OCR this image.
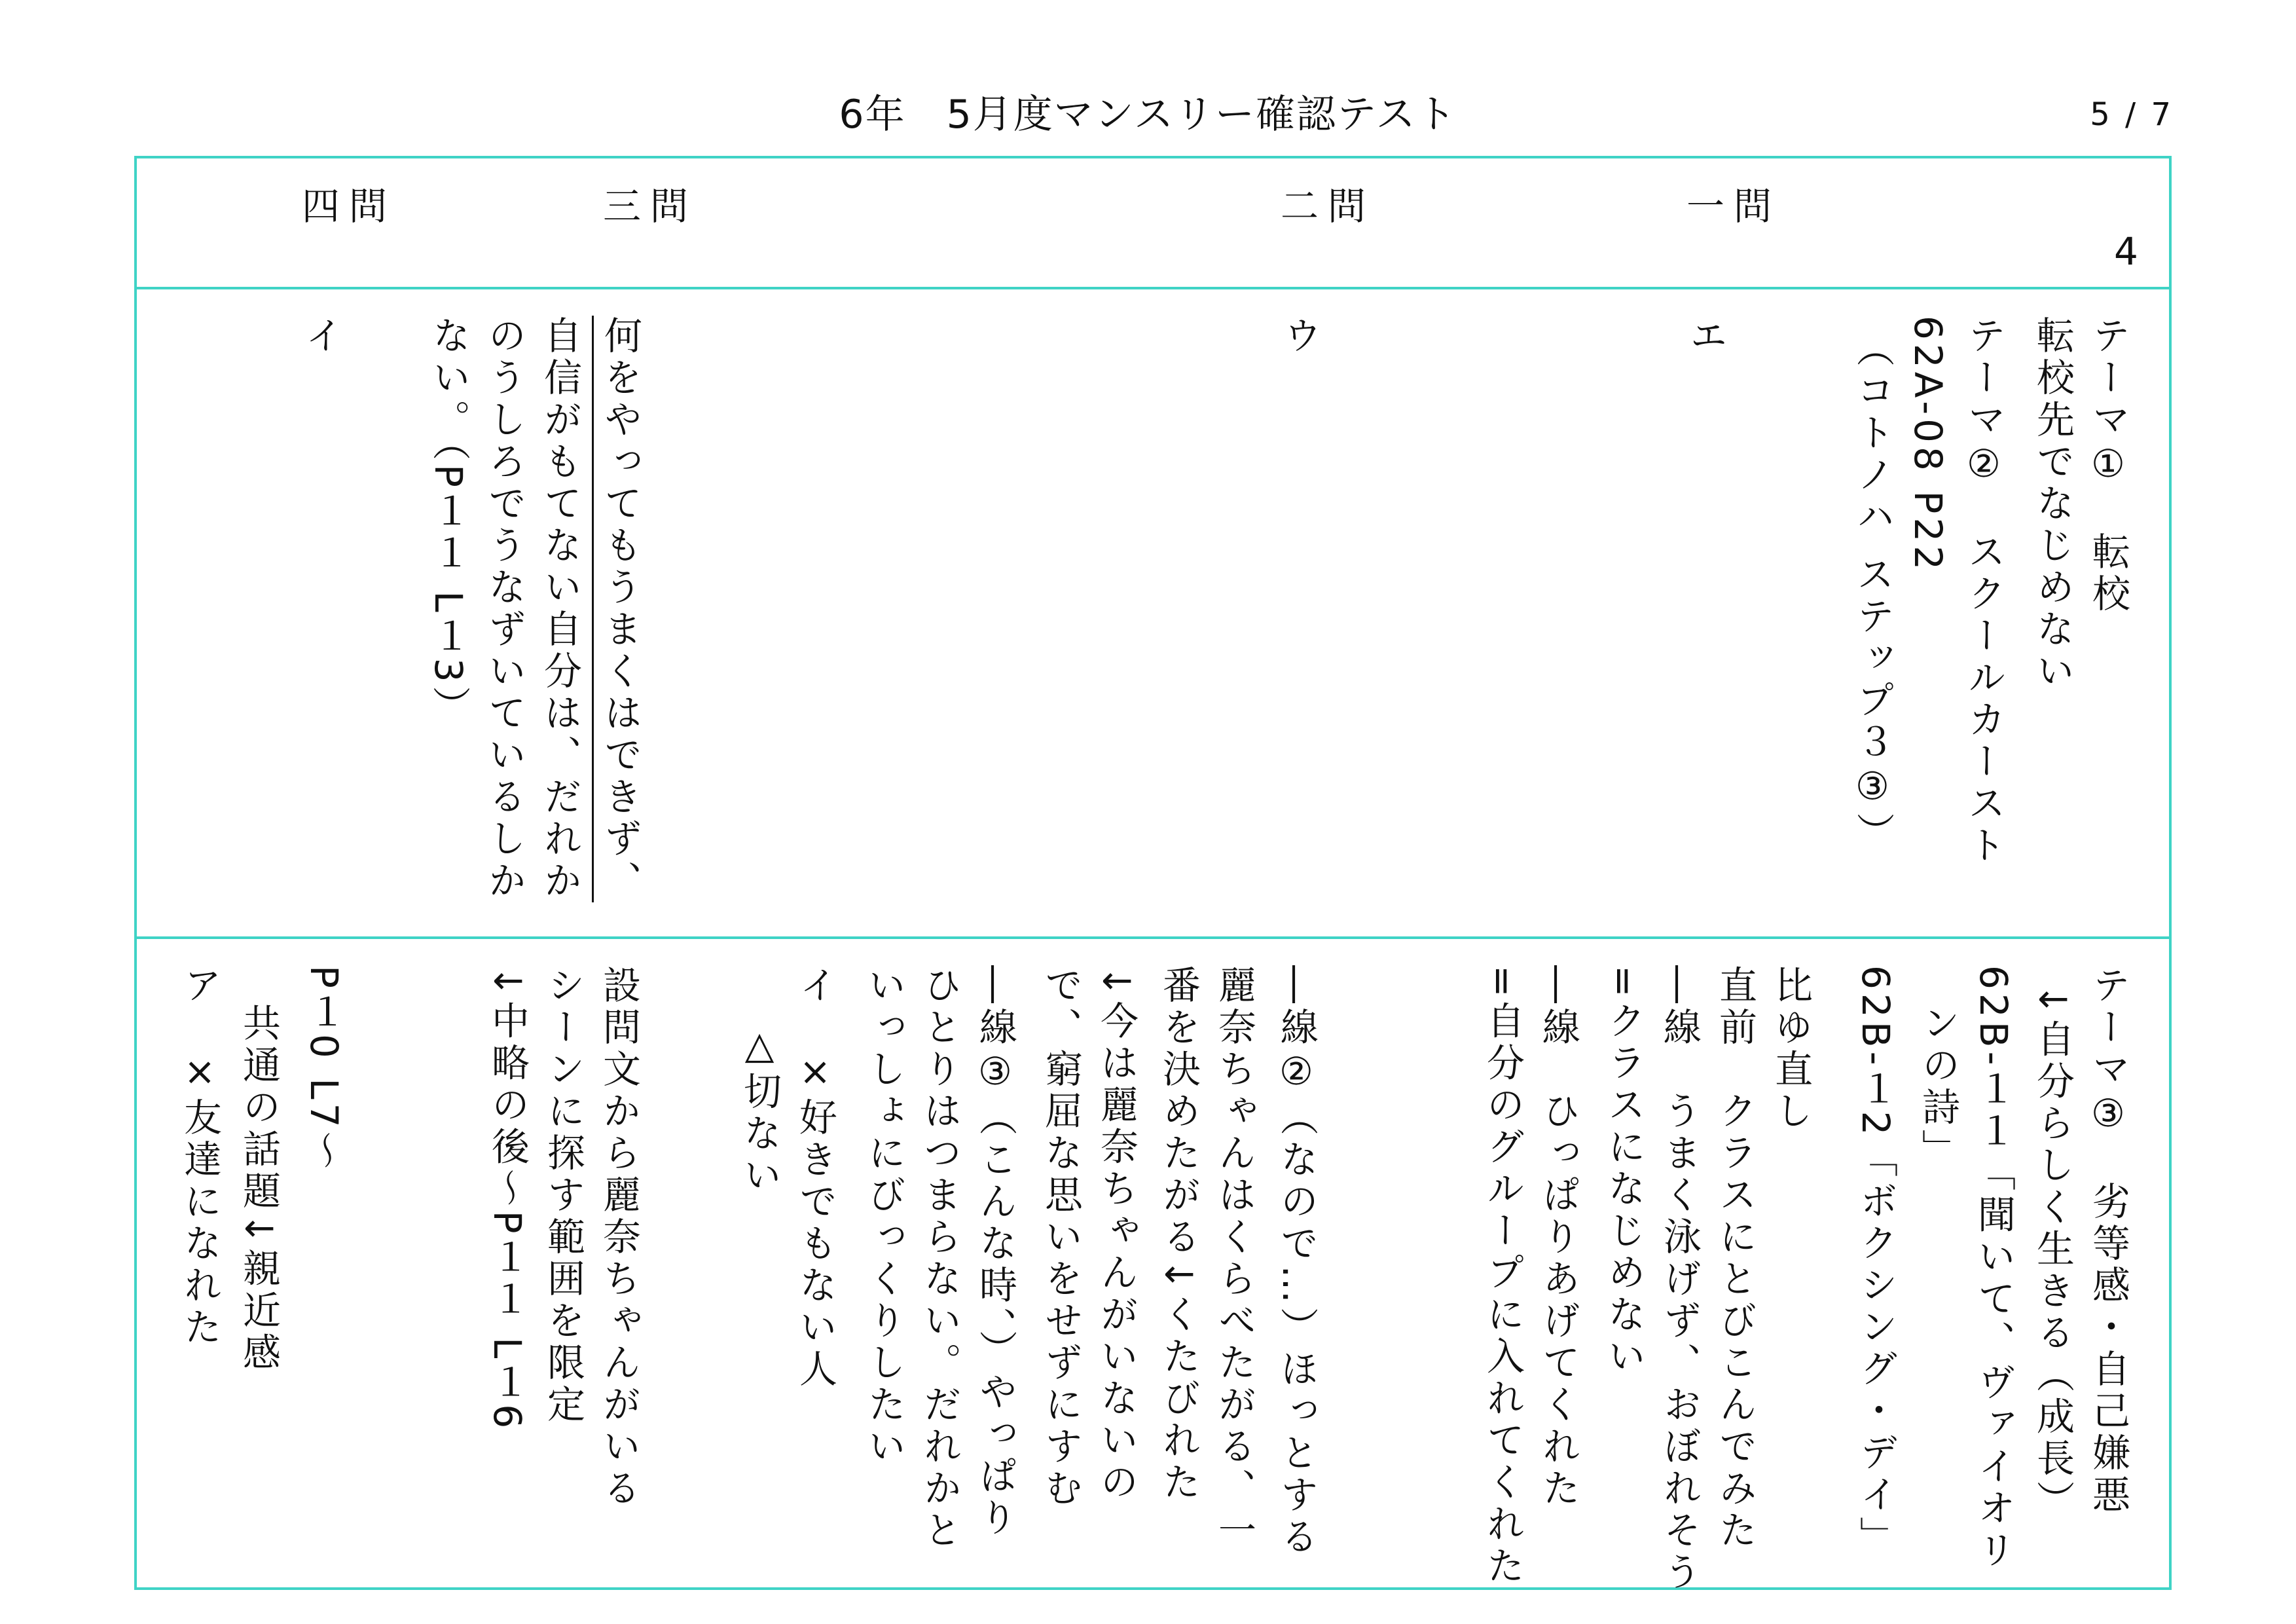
6年　5月度マンスリー確認テスト	5 / 7
4
問
一
問
二
問
三
問
四
テーマ①　転校
転校先でなじめない
テーマ②　スクールカースト
62A-08 P22
（コトノハ ステップ３③）
エ
ウ
何をやってもうまくはできず、
自信がもてない自分は、だれか
のうしろでうなずいているしか
ない。（P１１ L１3）
イ
テーマ③　劣等感・自己嫌悪
↓自分らしく生きる（成長）
62B-１１「聞いて、ヴァイオリ
ンの詩」
62B-１2「ボクシング・デイ」
比ゆ直し
直前　クラスにとびこんでみた
―線　うまく泳げず、おぼれそう
=クラスになじめない
―線　ひっぱりあげてくれた
=自分のグループに入れてくれた
―線②（なので…）ほっとする
麗奈ちゃんはくらべたがる、一
番を決めたがる↓くたびれた
↓今は麗奈ちゃんがいないの
で、窮屈な思いをせずにすむ
―線③（こんな時、）やっぱり
ひとりはつまらない。だれかと
いっしょにびっくりしたい
イ　×好きでもない人
△切ない
設問文から麗奈ちゃんがいる
シーンに探す範囲を限定
↓中略の後～P１１ L１6
P１0 L7～
共通の話題↓親近感
ア　×友達になれた
